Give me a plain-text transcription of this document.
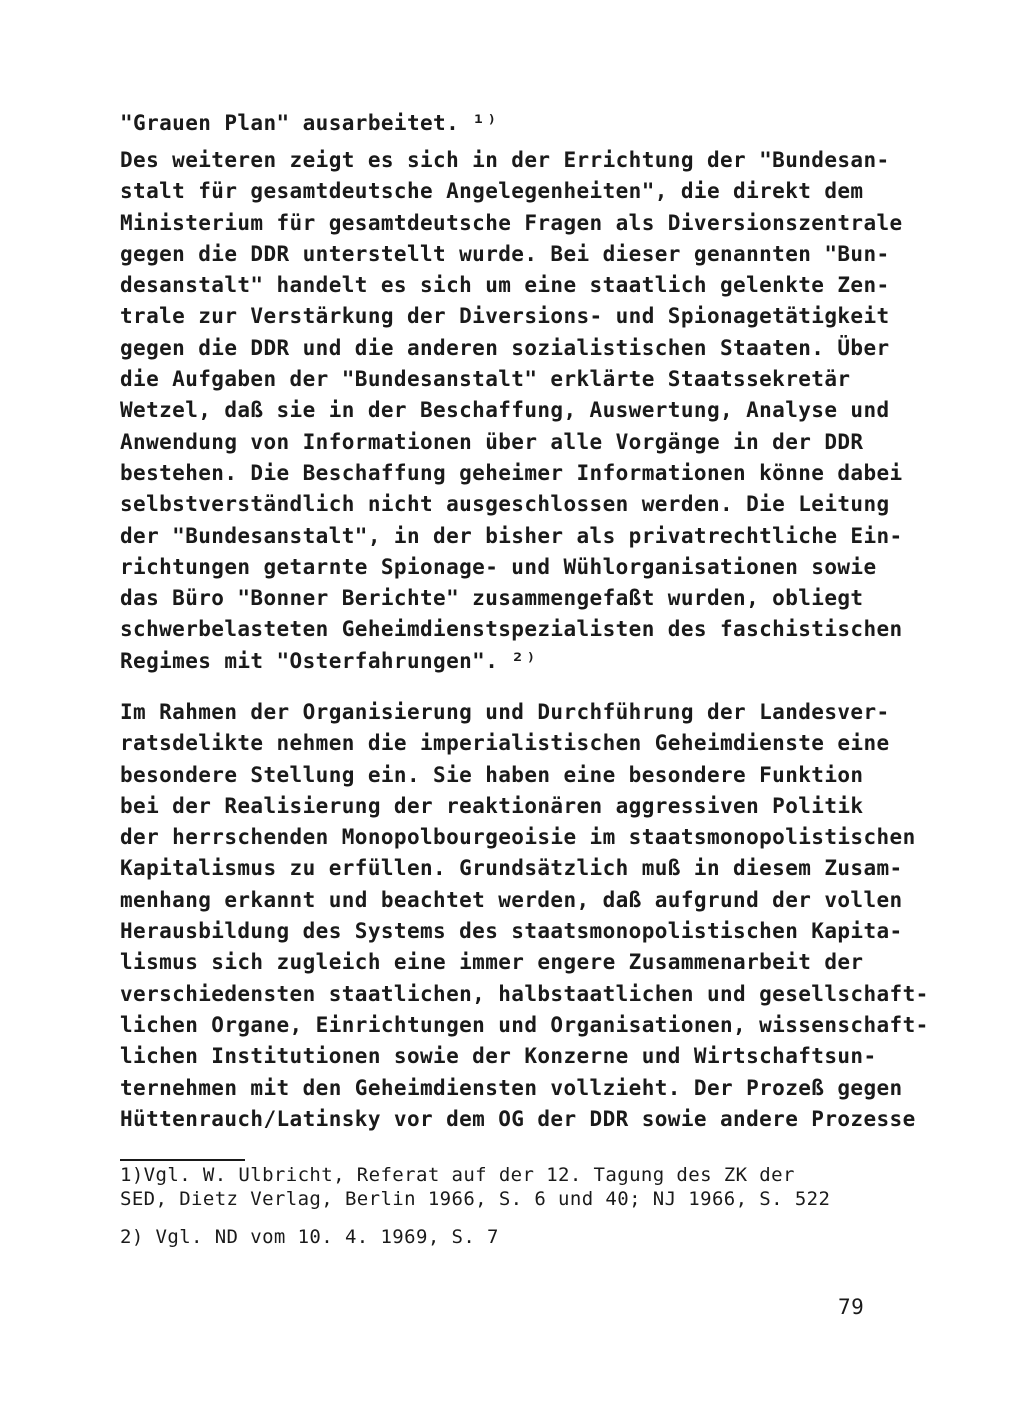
"Grauen Plan" ausarbeitet. ¹⁾
Des weiteren zeigt es sich in der Errichtung der "Bundesan-
stalt für gesamtdeutsche Angelegenheiten", die direkt dem
Ministerium für gesamtdeutsche Fragen als Diversionszentrale
gegen die DDR unterstellt wurde. Bei dieser genannten "Bun-
desanstalt" handelt es sich um eine staatlich gelenkte Zen-
trale zur Verstärkung der Diversions- und Spionagetätigkeit
gegen die DDR und die anderen sozialistischen Staaten. Über
die Aufgaben der "Bundesanstalt" erklärte Staatssekretär
Wetzel, daß sie in der Beschaffung, Auswertung, Analyse und
Anwendung von Informationen über alle Vorgänge in der DDR
bestehen. Die Beschaffung geheimer Informationen könne dabei
selbstverständlich nicht ausgeschlossen werden. Die Leitung
der "Bundesanstalt", in der bisher als privatrechtliche Ein-
richtungen getarnte Spionage- und Wühlorganisationen sowie
das Büro "Bonner Berichte" zusammengefaßt wurden, obliegt
schwerbelasteten Geheimdienstspezialisten des faschistischen
Regimes mit "Osterfahrungen". ²⁾
Im Rahmen der Organisierung und Durchführung der Landesver-
ratsdelikte nehmen die imperialistischen Geheimdienste eine
besondere Stellung ein. Sie haben eine besondere Funktion
bei der Realisierung der reaktionären aggressiven Politik
der herrschenden Monopolbourgeoisie im staatsmonopolistischen
Kapitalismus zu erfüllen. Grundsätzlich muß in diesem Zusam-
menhang erkannt und beachtet werden, daß aufgrund der vollen
Herausbildung des Systems des staatsmonopolistischen Kapita-
lismus sich zugleich eine immer engere Zusammenarbeit der
verschiedensten staatlichen, halbstaatlichen und gesellschaft-
lichen Organe, Einrichtungen und Organisationen, wissenschaft-
lichen Institutionen sowie der Konzerne und Wirtschaftsun-
ternehmen mit den Geheimdiensten vollzieht. Der Prozeß gegen
Hüttenrauch/Latinsky vor dem OG der DDR sowie andere Prozesse
1)Vgl. W. Ulbricht, Referat auf der 12. Tagung des ZK der
SED, Dietz Verlag, Berlin 1966, S. 6 und 40; NJ 1966, S. 522
2) Vgl. ND vom 10. 4. 1969, S. 7
79
